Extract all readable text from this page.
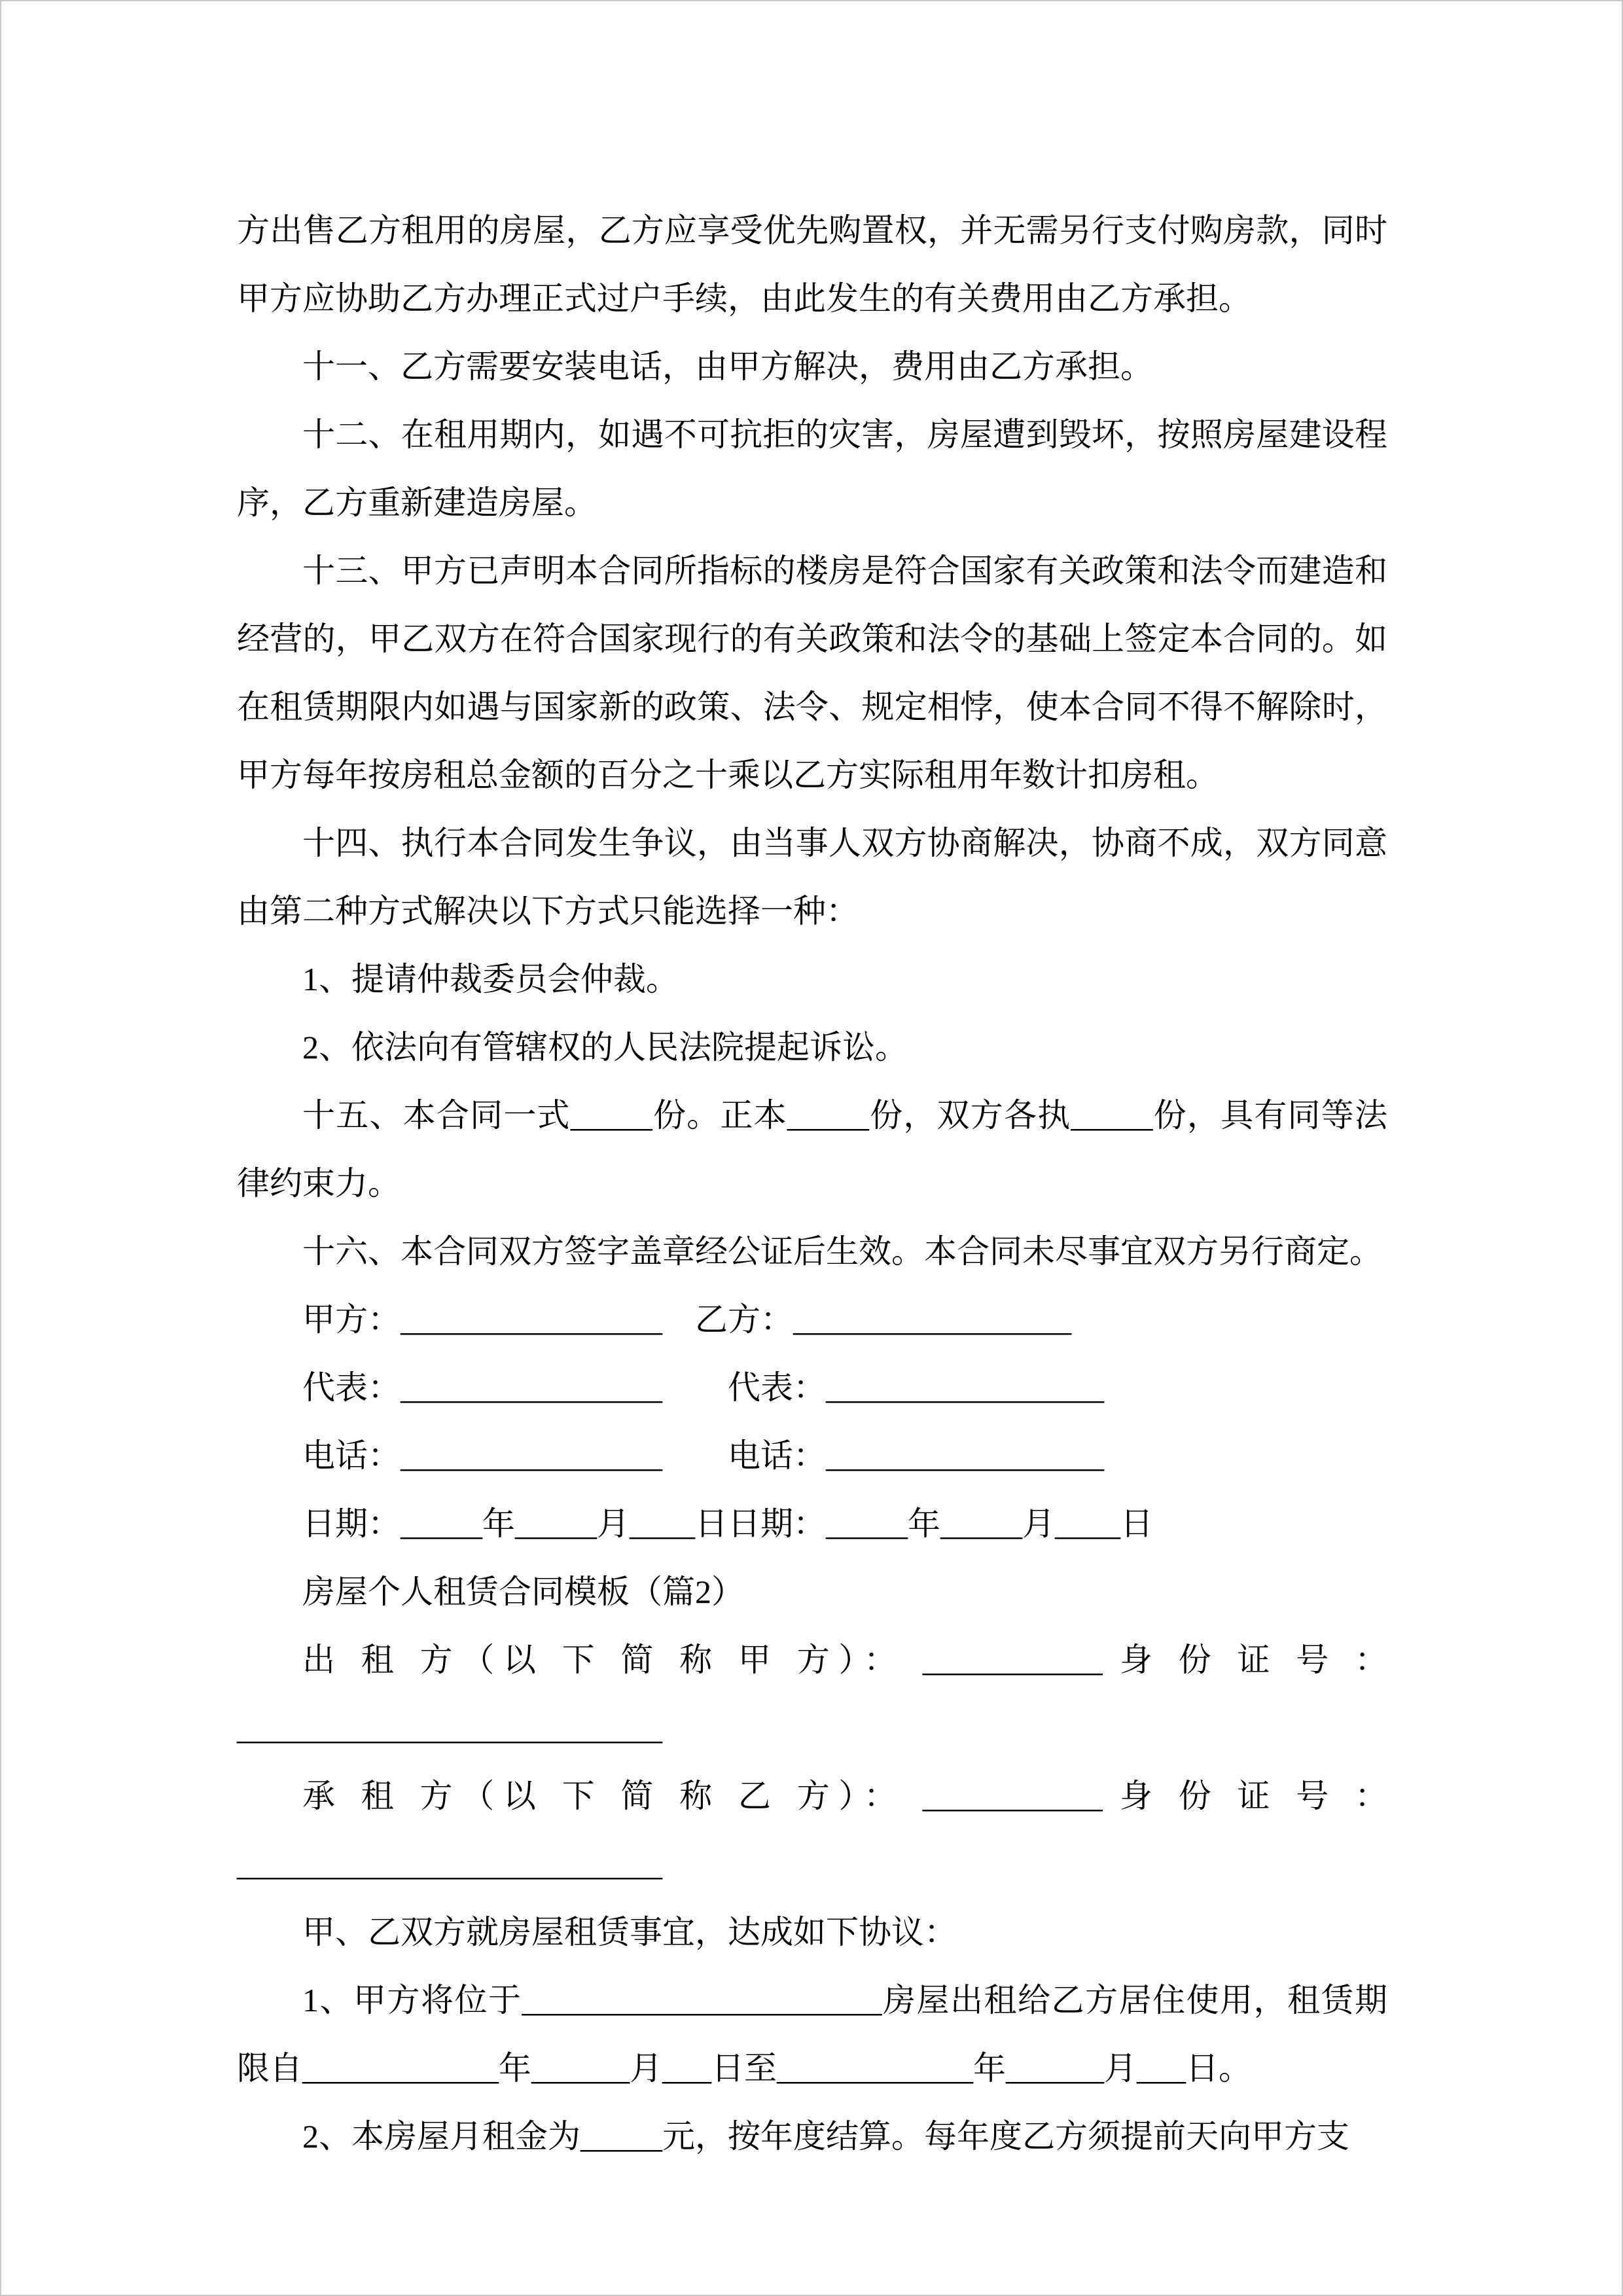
方出售乙方租用的房屋，乙方应享受优先购置权，并无需另行支付购房款，同时甲方应协助乙方办理正式过户手续，由此发生的有关费用由乙方承担。

十一、乙方需要安装电话，由甲方解决，费用由乙方承担。

十二、在租用期内，如遇不可抗拒的灾害，房屋遭到毁坏，按照房屋建设程序，乙方重新建造房屋。

十三、甲方已声明本合同所指标的楼房是符合国家有关政策和法令而建造和经营的，甲乙双方在符合国家现行的有关政策和法令的基础上签定本合同的。如在租赁期限内如遇与国家新的政策、法令、规定相悖，使本合同不得不解除时，甲方每年按房租总金额的百分之十乘以乙方实际租用年数计扣房租。

十四、执行本合同发生争议，由当事人双方协商解决，协商不成，双方同意由第二种方式解决以下方式只能选择一种：

1、提请仲裁委员会仲裁。

2、依法向有管辖权的人民法院提起诉讼。

十五、本合同一式_____份。正本_____份，双方各执_____份，具有同等法律约束力。

十六、本合同双方签字盖章经公证后生效。本合同未尽事宜双方另行商定。

甲方：________________　乙方：_________________

代表：________________　　代表：_________________

电话：________________　　电话：_________________

日期：_____年_____月____日日期：_____年_____月____日

房屋个人租赁合同模板（篇2）

出 租 方（以 下 简 称 甲 方）： ___________ 身 份 证 号 ：

__________________________

承 租 方（以 下 简 称 乙 方）： ___________ 身 份 证 号 ：

__________________________

甲、乙双方就房屋租赁事宜，达成如下协议：

1、甲方将位于______________________房屋出租给乙方居住使用，租赁期限自____________年______月___日至____________年______月___日。

2、本房屋月租金为_____元，按年度结算。每年度乙方须提前天向甲方支
